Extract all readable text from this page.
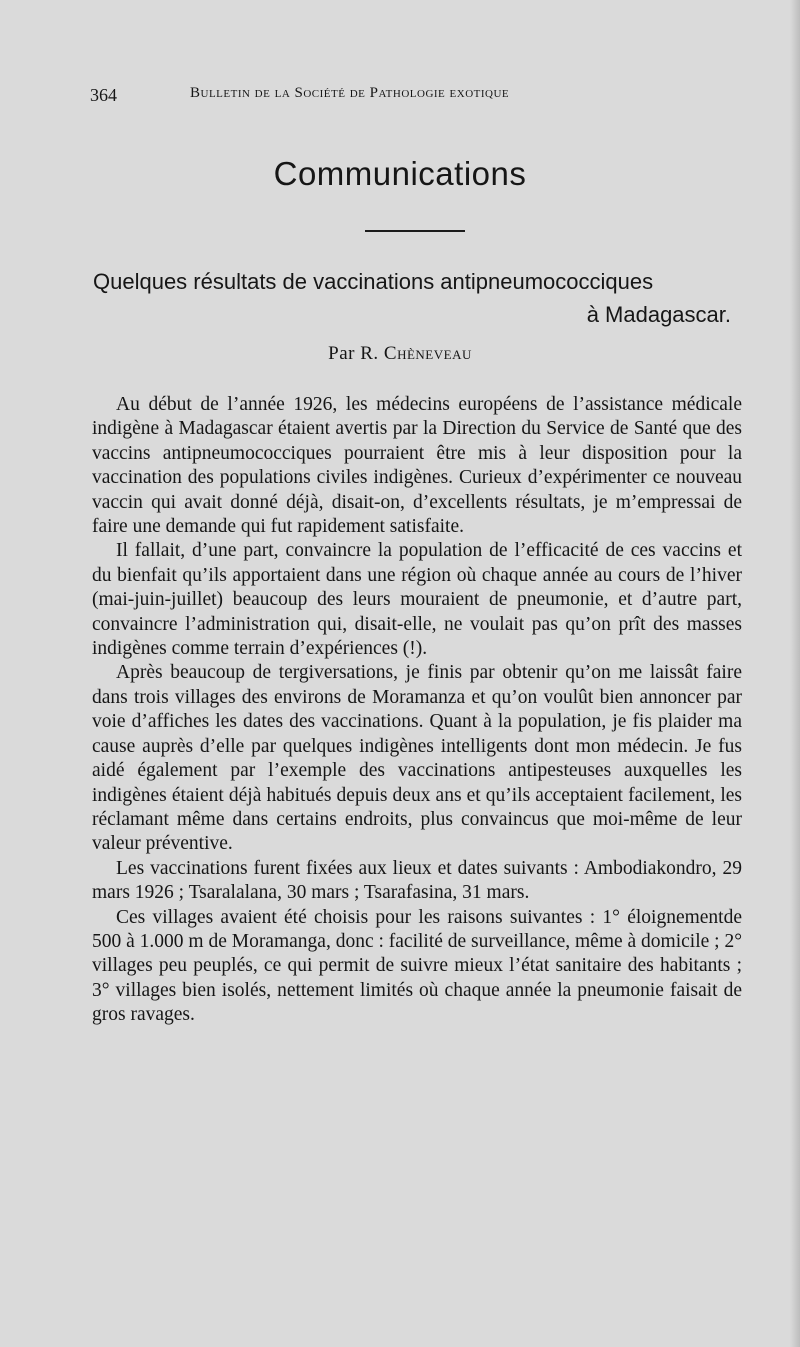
364	Bulletin de la Société de Pathologie exotique
Communications
Quelques résultats de vaccinations antipneumococciques
à Madagascar.
Par R. Chèneveau

Au début de l’année 1926, les médecins européens de l’assistance médicale indigène à Madagascar étaient avertis par la Direction du Service de Santé que des vaccins antipneumococciques pourraient être mis à leur disposition pour la vaccination des populations civiles indigènes. Curieux d’expérimenter ce nouveau vaccin qui avait donné déjà, disait-on, d’excellents résultats, je m’empressai de faire une demande qui fut rapidement satisfaite.

Il fallait, d’une part, convaincre la population de l’efficacité de ces vaccins et du bienfait qu’ils apportaient dans une région où chaque année au cours de l’hiver (mai-juin-juillet) beaucoup des leurs mouraient de pneumonie, et d’autre part, convaincre l’administration qui, disait-elle, ne voulait pas qu’on prît des masses indigènes comme terrain d’expériences (!).

Après beaucoup de tergiversations, je finis par obtenir qu’on me laissât faire dans trois villages des environs de Moramanza et qu’on voulût bien annoncer par voie d’affiches les dates des vaccinations. Quant à la population, je fis plaider ma cause auprès d’elle par quelques indigènes intelligents dont mon médecin. Je fus aidé également par l’exemple des vaccinations antipesteuses auxquelles les indigènes étaient déjà habitués depuis deux ans et qu’ils acceptaient facilement, les réclamant même dans certains endroits, plus convaincus que moi-même de leur valeur préventive.

Les vaccinations furent fixées aux lieux et dates suivants : Ambodiakondro, 29 mars 1926 ; Tsaralalana, 30 mars ; Tsarafasina, 31 mars.

Ces villages avaient été choisis pour les raisons suivantes : 1° éloignementde 500 à 1.000 m de Moramanga, donc : facilité de surveillance, même à domicile ; 2° villages peu peuplés, ce qui permit de suivre mieux l’état sanitaire des habitants ; 3° villages bien isolés, nettement limités où chaque année la pneumonie faisait de gros ravages.
